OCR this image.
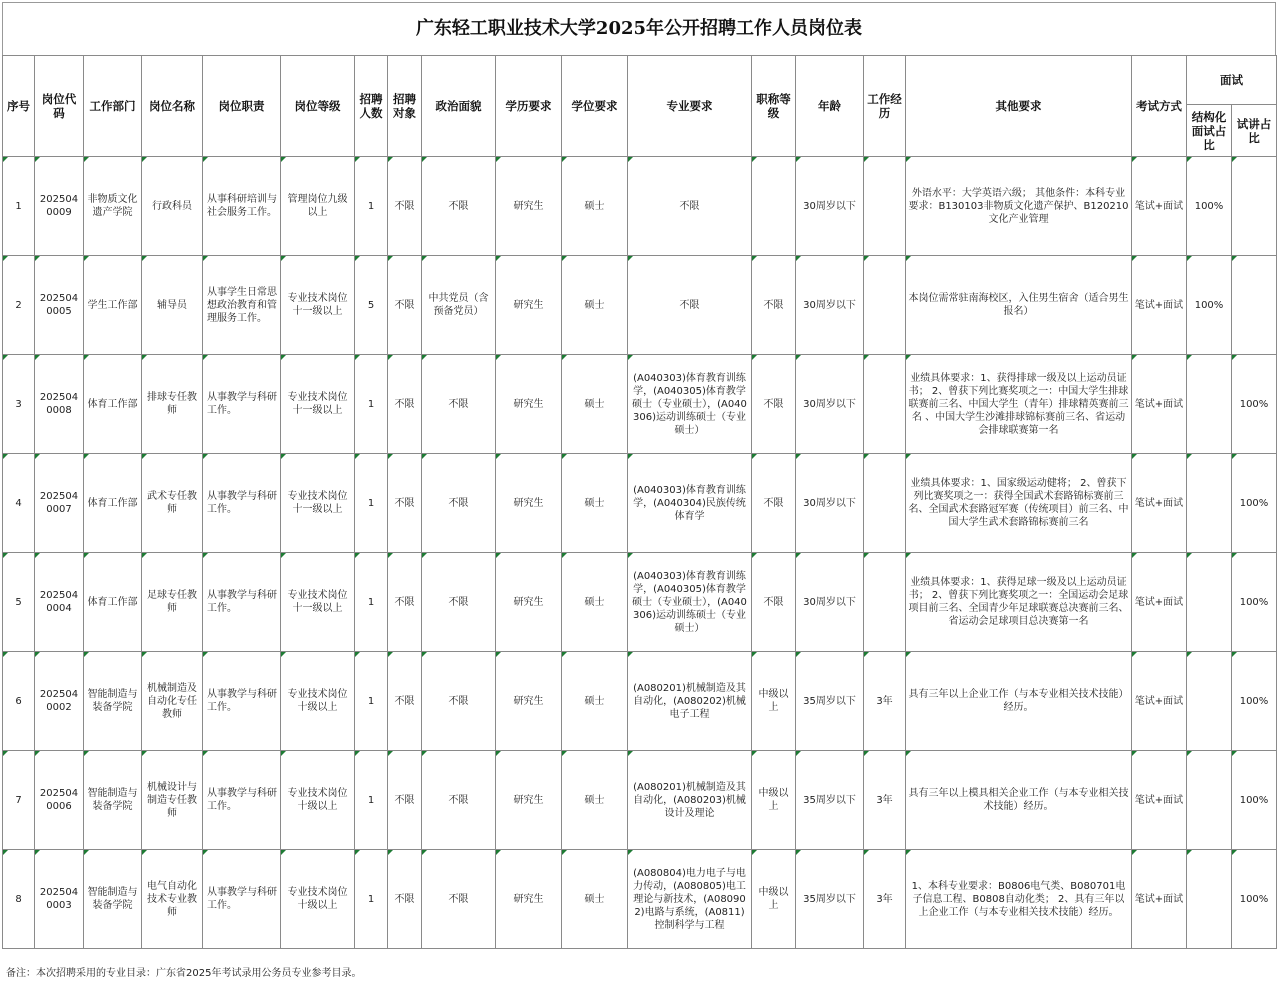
广东轻工职业技术大学2025年公开招聘工作人员岗位表
序号	岗位代码	工作部门	岗位名称	岗位职责	岗位等级	招聘人数	招聘对象	政治面貌	学历要求	学位要求	专业要求	职称等级	年龄	工作经历	其他要求	考试方式	面试	
																	结构化面试占比	试讲占比
1	2025040009	非物质文化遗产学院	行政科员	从事科研培训与社会服务工作。	管理岗位九级以上	1	不限	不限	研究生	硕士	不限		30周岁以下		外语水平：大学英语六级； 其他条件：本科专业要求：B130103非物质文化遗产保护、B120210文化产业管理	笔试+面试	100%	
2	2025040005	学生工作部	辅导员	从事学生日常思想政治教育和管理服务工作。	专业技术岗位十一级以上	5	不限	中共党员（含预备党员）	研究生	硕士	不限	不限	30周岁以下		本岗位需常驻南海校区，入住男生宿舍（适合男生报名）	笔试+面试	100%	
3	2025040008	体育工作部	排球专任教师	从事教学与科研工作。	专业技术岗位十一级以上	1	不限	不限	研究生	硕士	(A040303)体育教育训练学，(A040305)体育教学硕士（专业硕士），(A040306)运动训练硕士（专业硕士）	不限	30周岁以下		业绩具体要求：1、获得排球一级及以上运动员证书； 2、曾获下列比赛奖项之一：中国大学生排球联赛前三名、中国大学生（青年）排球精英赛前三名 、中国大学生沙滩排球锦标赛前三名、省运动会排球联赛第一名	笔试+面试		100%
4	2025040007	体育工作部	武术专任教师	从事教学与科研工作。	专业技术岗位十一级以上	1	不限	不限	研究生	硕士	(A040303)体育教育训练学，(A040304)民族传统体育学	不限	30周岁以下		业绩具体要求：1、国家级运动健将； 2、曾获下列比赛奖项之一：获得全国武术套路锦标赛前三名、全国武术套路冠军赛（传统项目）前三名、中国大学生武术套路锦标赛前三名	笔试+面试		100%
5	2025040004	体育工作部	足球专任教师	从事教学与科研工作。	专业技术岗位十一级以上	1	不限	不限	研究生	硕士	(A040303)体育教育训练学，(A040305)体育教学硕士（专业硕士），(A040306)运动训练硕士（专业硕士）	不限	30周岁以下		业绩具体要求：1、获得足球一级及以上运动员证书； 2、曾获下列比赛奖项之一：全国运动会足球项目前三名、全国青少年足球联赛总决赛前三名、省运动会足球项目总决赛第一名	笔试+面试		100%
6	2025040002	智能制造与装备学院	机械制造及自动化专任教师	从事教学与科研工作。	专业技术岗位十级以上	1	不限	不限	研究生	硕士	(A080201)机械制造及其自动化，(A080202)机械电子工程	中级以上	35周岁以下	3年	具有三年以上企业工作（与本专业相关技术技能）经历。	笔试+面试		100%
7	2025040006	智能制造与装备学院	机械设计与制造专任教师	从事教学与科研工作。	专业技术岗位十级以上	1	不限	不限	研究生	硕士	(A080201)机械制造及其自动化，(A080203)机械设计及理论	中级以上	35周岁以下	3年	具有三年以上模具相关企业工作（与本专业相关技术技能）经历。	笔试+面试		100%
8	2025040003	智能制造与装备学院	电气自动化技术专业教师	从事教学与科研工作。	专业技术岗位十级以上	1	不限	不限	研究生	硕士	(A080804)电力电子与电力传动，(A080805)电工理论与新技术，(A080902)电路与系统，(A0811)控制科学与工程	中级以上	35周岁以下	3年	1、本科专业要求：B0806电气类、B080701电子信息工程、B0808自动化类； 2、具有三年以上企业工作（与本专业相关技术技能）经历。	笔试+面试		100%
备注：本次招聘采用的专业目录：广东省2025年考试录用公务员专业参考目录。
